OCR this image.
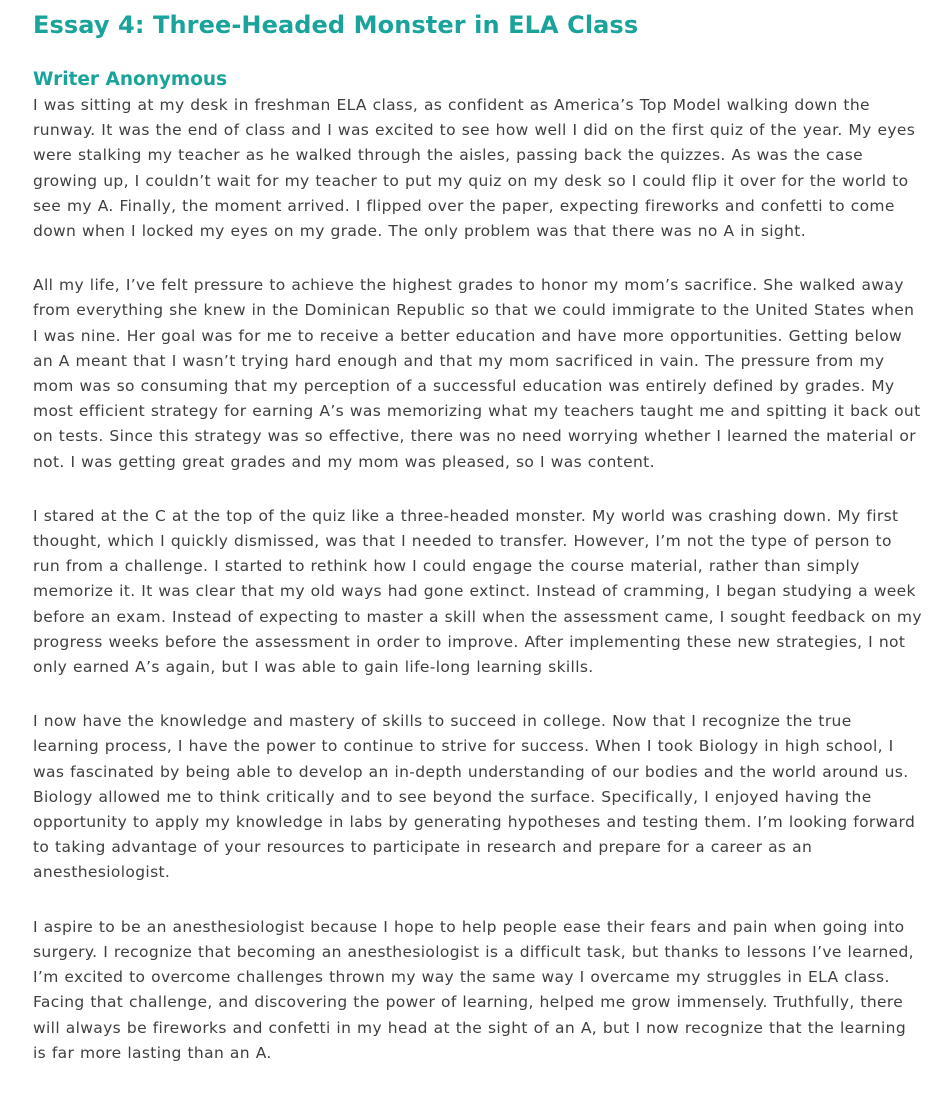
Essay 4: Three-Headed Monster in ELA Class
Writer Anonymous

I was sitting at my desk in freshman ELA class, as confident as America’s Top Model walking down the runway. It was the end of class and I was excited to see how well I did on the first quiz of the year. My eyes were stalking my teacher as he walked through the aisles, passing back the quizzes. As was the case growing up, I couldn’t wait for my teacher to put my quiz on my desk so I could flip it over for the world to see my A. Finally, the moment arrived. I flipped over the paper, expecting fireworks and confetti to come down when I locked my eyes on my grade. The only problem was that there was no A in sight.

All my life, I’ve felt pressure to achieve the highest grades to honor my mom’s sacrifice. She walked away from everything she knew in the Dominican Republic so that we could immigrate to the United States when I was nine. Her goal was for me to receive a better education and have more opportunities. Getting below an A meant that I wasn’t trying hard enough and that my mom sacrificed in vain. The pressure from my mom was so consuming that my perception of a successful education was entirely defined by grades. My most efficient strategy for earning A’s was memorizing what my teachers taught me and spitting it back out on tests. Since this strategy was so effective, there was no need worrying whether I learned the material or not. I was getting great grades and my mom was pleased, so I was content.

I stared at the C at the top of the quiz like a three-headed monster. My world was crashing down. My first thought, which I quickly dismissed, was that I needed to transfer. However, I’m not the type of person to run from a challenge. I started to rethink how I could engage the course material, rather than simply memorize it. It was clear that my old ways had gone extinct. Instead of cramming, I began studying a week before an exam. Instead of expecting to master a skill when the assessment came, I sought feedback on my progress weeks before the assessment in order to improve. After implementing these new strategies, I not only earned A’s again, but I was able to gain life-long learning skills.

I now have the knowledge and mastery of skills to succeed in college. Now that I recognize the true learning process, I have the power to continue to strive for success. When I took Biology in high school, I was fascinated by being able to develop an in-depth understanding of our bodies and the world around us. Biology allowed me to think critically and to see beyond the surface. Specifically, I enjoyed having the opportunity to apply my knowledge in labs by generating hypotheses and testing them. I’m looking forward to taking advantage of your resources to participate in research and prepare for a career as an anesthesiologist.

I aspire to be an anesthesiologist because I hope to help people ease their fears and pain when going into surgery. I recognize that becoming an anesthesiologist is a difficult task, but thanks to lessons I’ve learned, I’m excited to overcome challenges thrown my way the same way I overcame my struggles in ELA class. Facing that challenge, and discovering the power of learning, helped me grow immensely. Truthfully, there will always be fireworks and confetti in my head at the sight of an A, but I now recognize that the learning is far more lasting than an A.
